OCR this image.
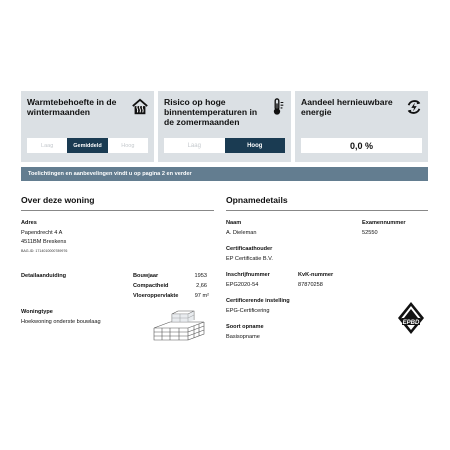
Warmtebehoefte in de wintermaanden
Laag	Gemiddeld	Hoog
Risico op hoge binnentemperaturen in de zomermaanden
Laag	Hoog
Aandeel hernieuwbare energie
0,0 %
Toelichtingen en aanbevelingen vindt u op pagina 2 en verder
Over deze woning
Adres
Papendrecht 4 A
4511BM Breskens
BAG-ID: 1714010000789976
Detailaanduiding	Bouwjaar	1953
Compactheid	2,66
Vloeroppervlakte	97 m²
Woningtype
Hoekwoning onderste bouwlaag
Opnamedetails
Naam
A. Dieleman
Examennummer
52550
Certificaathouder
EP Certificatie B.V.
Inschrijfnummer
EPG2020-54
KvK-nummer
87870258
Certificerende instelling
EPG-Certificering
Soort opname
Basisopname
EPBD
